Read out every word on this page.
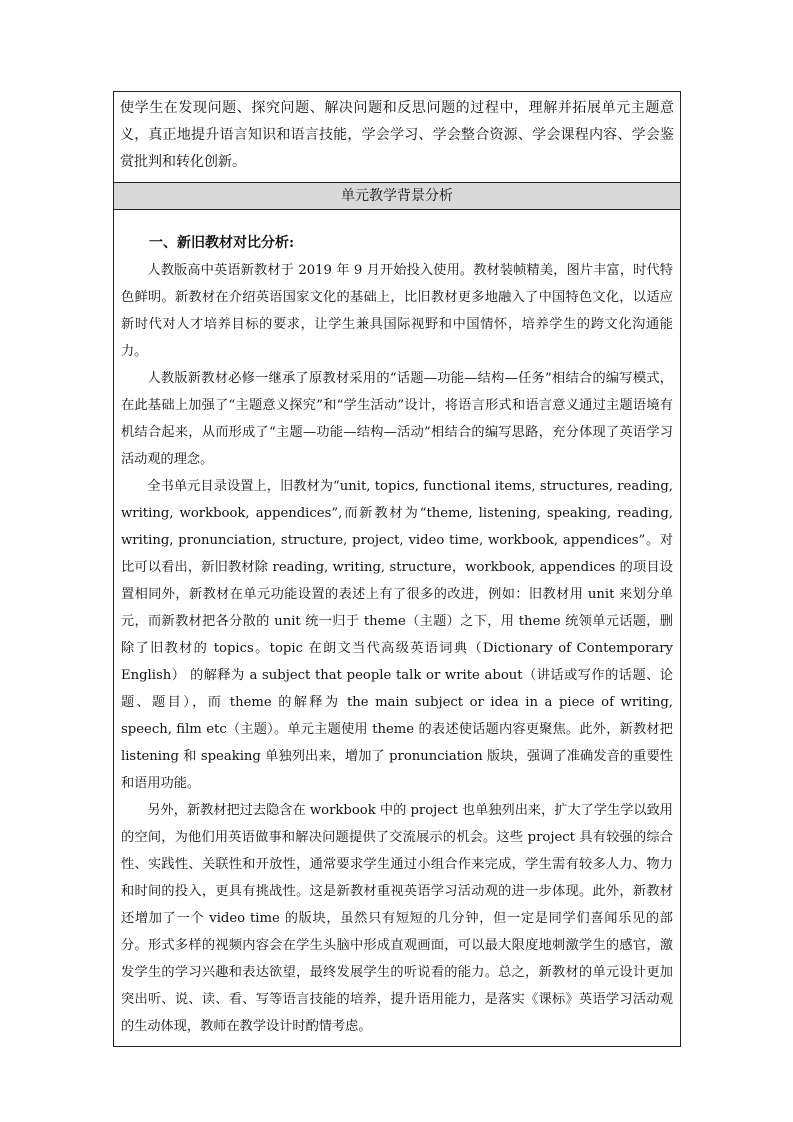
使学生在发现问题、探究问题、解决问题和反思问题的过程中，理解并拓展单元主题意义，真正地提升语言知识和语言技能，学会学习、学会整合资源、学会课程内容、学会鉴赏批判和转化创新。
单元教学背景分析

一、新旧教材对比分析:

人教版高中英语新教材于 2019 年 9 月开始投入使用。教材装帧精美，图片丰富，时代特色鲜明。新教材在介绍英语国家文化的基础上，比旧教材更多地融入了中国特色文化，以适应新时代对人才培养目标的要求，让学生兼具国际视野和中国情怀，培养学生的跨文化沟通能力。

人教版新教材必修一继承了原教材采用的“话题—功能—结构—任务”相结合的编写模式，在此基础上加强了“主题意义探究”和“学生活动”设计，将语言形式和语言意义通过主题语境有机结合起来，从而形成了“主题—功能—结构—活动”相结合的编写思路，充分体现了英语学习活动观的理念。

全书单元目录设置上，旧教材为“unit, topics, functional items, structures, reading, writing, workbook, appendices”,而新教材为“theme, listening, speaking, reading, writing, pronunciation, structure, project, video time, workbook, appendices”。对比可以看出，新旧教材除 reading, writing, structure，workbook, appendices 的项目设置相同外，新教材在单元功能设置的表述上有了很多的改进，例如：旧教材用 unit 来划分单元，而新教材把各分散的 unit 统一归于 theme（主题）之下，用 theme 统领单元话题，删除了旧教材的 topics。topic 在朗文当代高级英语词典（Dictionary of Contemporary English） 的解释为 a subject that people talk or write about（讲话或写作的话题、论题、题目），而 theme 的解释为 the main subject or idea in a piece of writing, speech, film etc（主题）。单元主题使用 theme 的表述使话题内容更聚焦。此外，新教材把 listening 和 speaking 单独列出来，增加了 pronunciation 版块，强调了准确发音的重要性和语用功能。

另外，新教材把过去隐含在 workbook 中的 project 也单独列出来，扩大了学生学以致用的空间，为他们用英语做事和解决问题提供了交流展示的机会。这些 project 具有较强的综合性、实践性、关联性和开放性，通常要求学生通过小组合作来完成，学生需有较多人力、物力和时间的投入，更具有挑战性。这是新教材重视英语学习活动观的进一步体现。此外，新教材还增加了一个 video time 的版块，虽然只有短短的几分钟，但一定是同学们喜闻乐见的部分。形式多样的视频内容会在学生头脑中形成直观画面，可以最大限度地刺激学生的感官，激发学生的学习兴趣和表达欲望，最终发展学生的听说看的能力。总之，新教材的单元设计更加突出听、说、读、看、写等语言技能的培养，提升语用能力，是落实《课标》英语学习活动观的生动体现，教师在教学设计时酌情考虑。
